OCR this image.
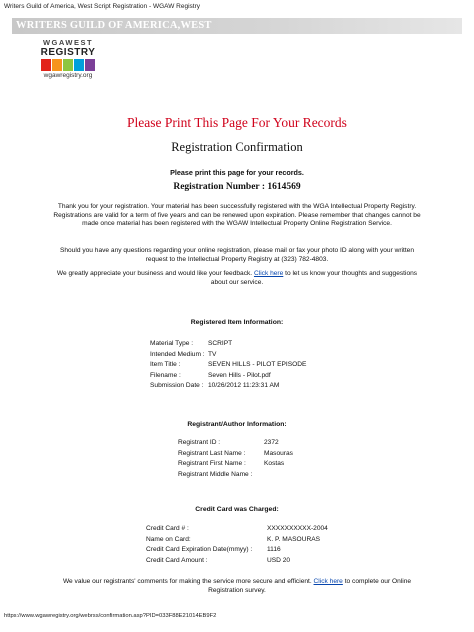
Writers Guild of America, West Script Registration - WGAW Registry
WRITERS GUILD OF AMERICA,WEST
WGAWEST
REGISTRY
wgawregistry.org
Please Print This Page For Your Records
Registration Confirmation
Please print this page for your records.
Registration Number : 1614569
Thank you for your registration. Your material has been successfully registered with the WGA Intellectual Property Registry. Registrations are valid for a term of five years and can be renewed upon expiration. Please remember that changes cannot be made once material has been registered with the WGAW Intellectual Property Online Registration Service.
Should you have any questions regarding your online registration, please mail or fax your photo ID along with your written request to the Intellectual Property Registry at (323) 782-4803.
We greatly appreciate your business and would like your feedback. Click here to let us know your thoughts and suggestions about our service.
Registered Item Information:
Material Type :	SCRIPT
Intended Medium : TV
Item Title :	SEVEN HILLS - PILOT EPISODE
Filename :	Seven Hills - Pilot.pdf
Submission Date : 10/26/2012 11:23:31 AM
Registrant/Author Information:
Registrant ID :	2372
Registrant Last Name :	Masouras
Registrant First Name :	Kostas
Registrant Middle Name :
Credit Card was Charged:
Credit Card # :	XXXXXXXXXX-2004
Name on Card:	K. P. MASOURAS
Credit Card Expiration Date(mmyy) :	1116
Credit Card Amount :	USD 20
We value our registrants' comments for making the service more secure and efficient. Click here to complete our Online Registration survey.
https://www.wgawregistry.org/webrss/confirmation.asp?PID=033F88E21014EB9F2
